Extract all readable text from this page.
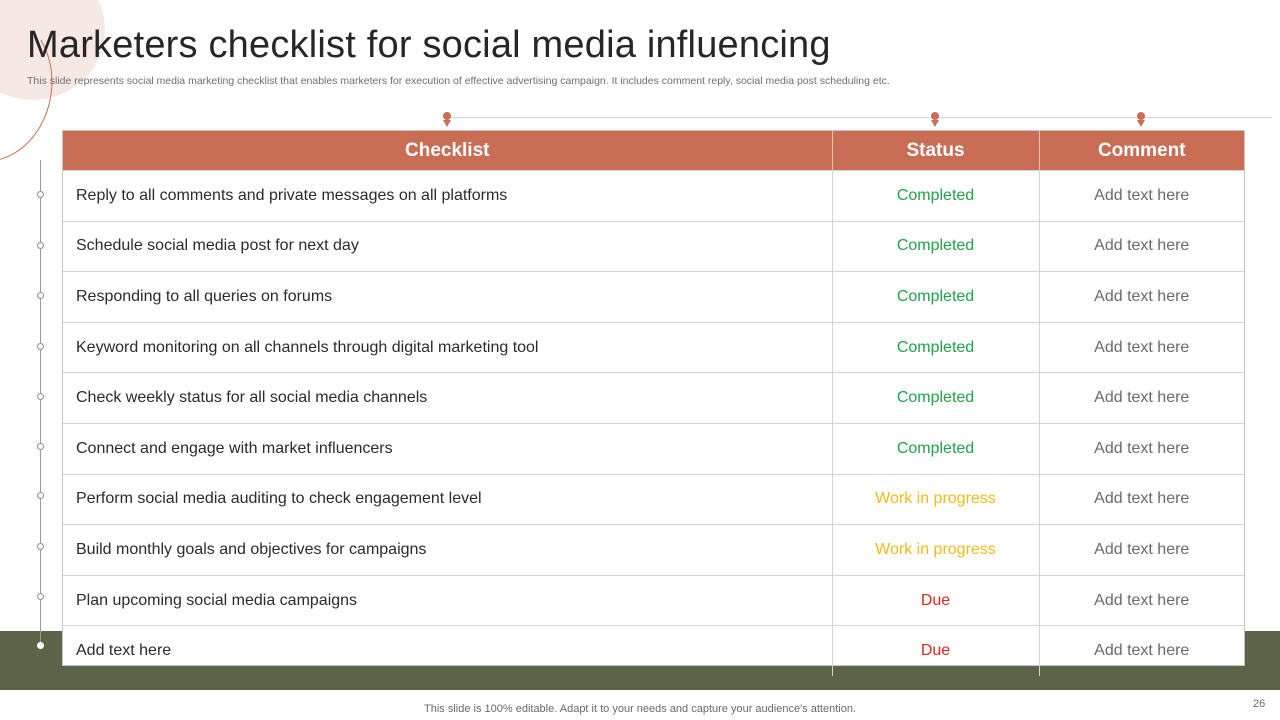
Marketers checklist for social media influencing
This slide represents social media marketing checklist that enables marketers for execution of effective advertising campaign. It includes comment reply, social media post scheduling etc.
Checklist	Status	Comment
Reply to all comments and private messages on all platforms	Completed	Add text here
Schedule social media post for next day	Completed	Add text here
Responding to all queries on forums	Completed	Add text here
Keyword monitoring on all channels through digital marketing tool	Completed	Add text here
Check weekly status for all social media channels	Completed	Add text here
Connect and engage with market influencers	Completed	Add text here
Perform social media auditing to check engagement level	Work in progress	Add text here
Build monthly goals and objectives for campaigns	Work in progress	Add text here
Plan upcoming social media campaigns	Due	Add text here
Add text here	Due	Add text here
This slide is 100% editable. Adapt it to your needs and capture your audience's attention.	26
